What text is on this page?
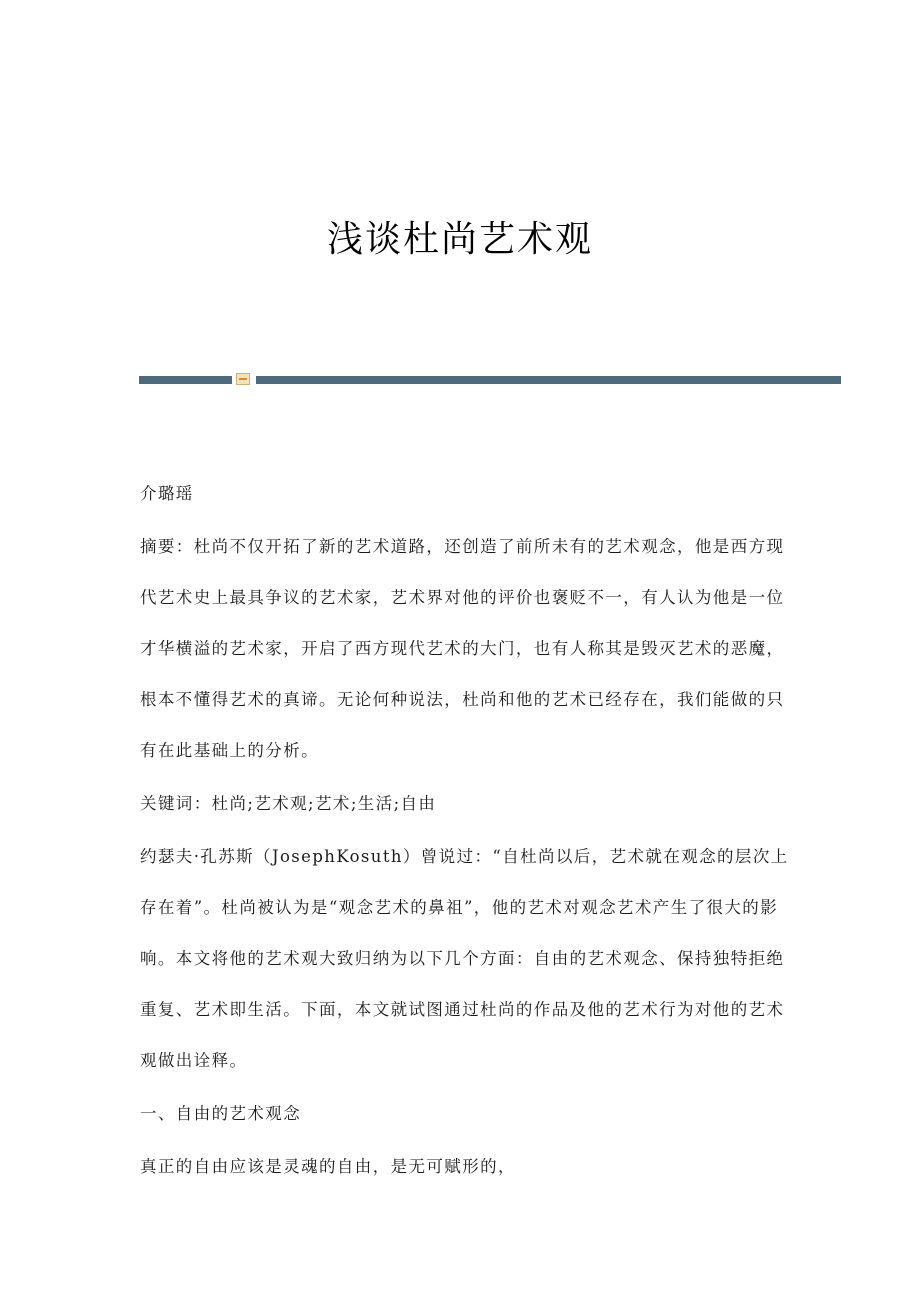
浅谈杜尚艺术观

介璐瑶

摘要：杜尚不仅开拓了新的艺术道路，还创造了前所未有的艺术观念，他是西方现代艺术史上最具争议的艺术家，艺术界对他的评价也褒贬不一，有人认为他是一位才华横溢的艺术家，开启了西方现代艺术的大门，也有人称其是毁灭艺术的恶魔，根本不懂得艺术的真谛。无论何种说法，杜尚和他的艺术已经存在，我们能做的只有在此基础上的分析。

关键词：杜尚;艺术观;艺术;生活;自由

约瑟夫·孔苏斯（JosephKosuth）曾说过：“自杜尚以后，艺术就在观念的层次上存在着”。杜尚被认为是“观念艺术的鼻祖”，他的艺术对观念艺术产生了很大的影响。本文将他的艺术观大致归纳为以下几个方面：自由的艺术观念、保持独特拒绝重复、艺术即生活。下面，本文就试图通过杜尚的作品及他的艺术行为对他的艺术观做出诠释。

一、自由的艺术观念

真正的自由应该是灵魂的自由，是无可赋形的，
